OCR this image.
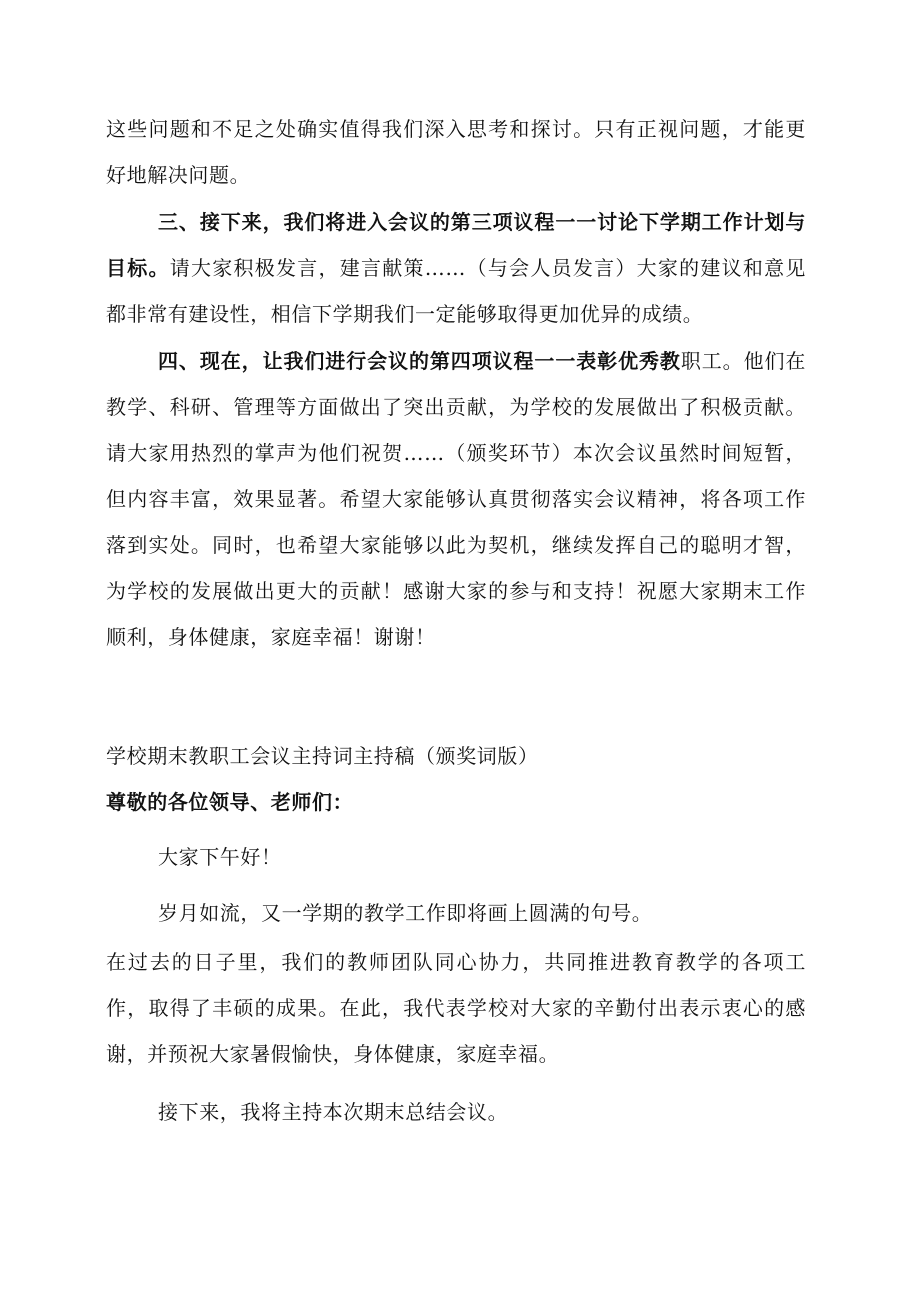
这些问题和不足之处确实值得我们深入思考和探讨。只有正视问题，才能更好地解决问题。

三、接下来，我们将进入会议的第三项议程一一讨论下学期工作计划与目标。请大家积极发言，建言献策……（与会人员发言）大家的建议和意见都非常有建设性，相信下学期我们一定能够取得更加优异的成绩。

四、现在，让我们进行会议的第四项议程一一表彰优秀教职工。他们在教学、科研、管理等方面做出了突出贡献，为学校的发展做出了积极贡献。请大家用热烈的掌声为他们祝贺……（颁奖环节）本次会议虽然时间短暂，但内容丰富，效果显著。希望大家能够认真贯彻落实会议精神，将各项工作落到实处。同时，也希望大家能够以此为契机，继续发挥自己的聪明才智，为学校的发展做出更大的贡献！感谢大家的参与和支持！祝愿大家期末工作顺利，身体健康，家庭幸福！谢谢！

学校期末教职工会议主持词主持稿（颁奖词版）

尊敬的各位领导、老师们：

大家下午好！

岁月如流，又一学期的教学工作即将画上圆满的句号。

在过去的日子里，我们的教师团队同心协力，共同推进教育教学的各项工作，取得了丰硕的成果。在此，我代表学校对大家的辛勤付出表示衷心的感谢，并预祝大家暑假愉快，身体健康，家庭幸福。

接下来，我将主持本次期末总结会议。
